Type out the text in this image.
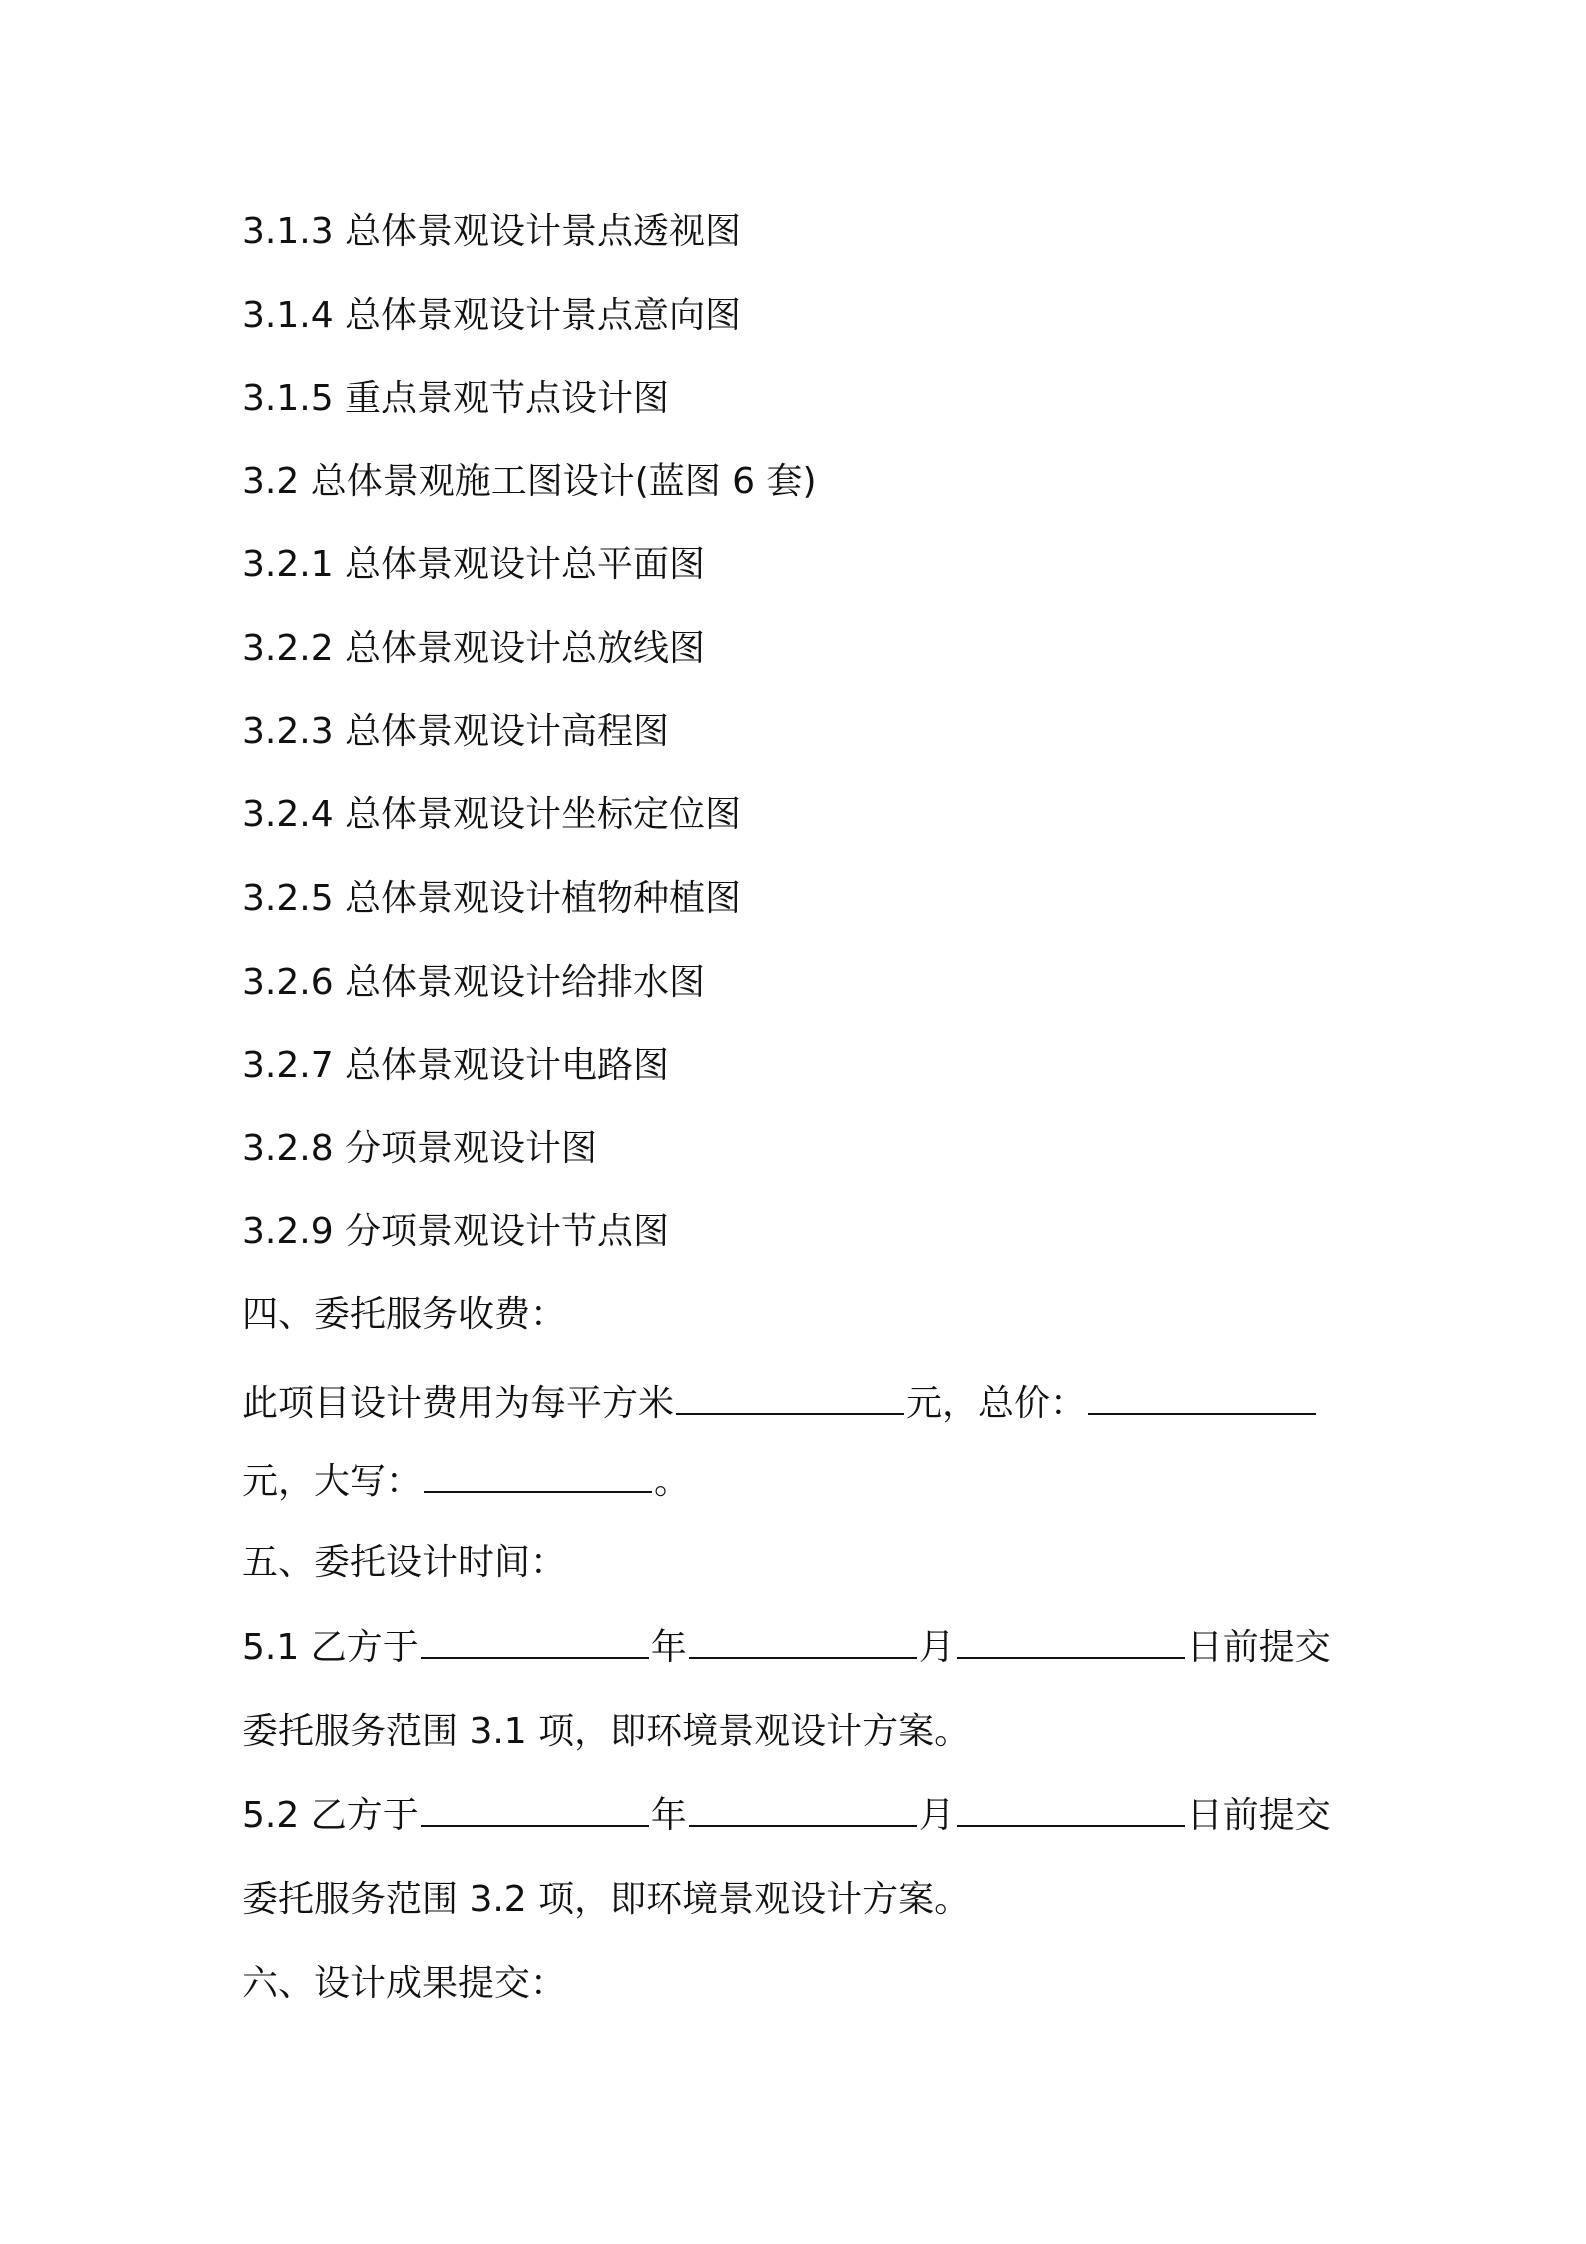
3.1.3 总体景观设计景点透视图
3.1.4 总体景观设计景点意向图
3.1.5 重点景观节点设计图
3.2 总体景观施工图设计(蓝图 6 套)
3.2.1 总体景观设计总平面图
3.2.2 总体景观设计总放线图
3.2.3 总体景观设计高程图
3.2.4 总体景观设计坐标定位图
3.2.5 总体景观设计植物种植图
3.2.6 总体景观设计给排水图
3.2.7 总体景观设计电路图
3.2.8 分项景观设计图
3.2.9 分项景观设计节点图
四、委托服务收费：
此项目设计费用为每平方米	元，总价：
元，大写：	。
五、委托设计时间：
5.1 乙方于	年	月	日前提交
委托服务范围 3.1 项，即环境景观设计方案。
5.2 乙方于	年	月	日前提交
委托服务范围 3.2 项，即环境景观设计方案。
六、设计成果提交：
